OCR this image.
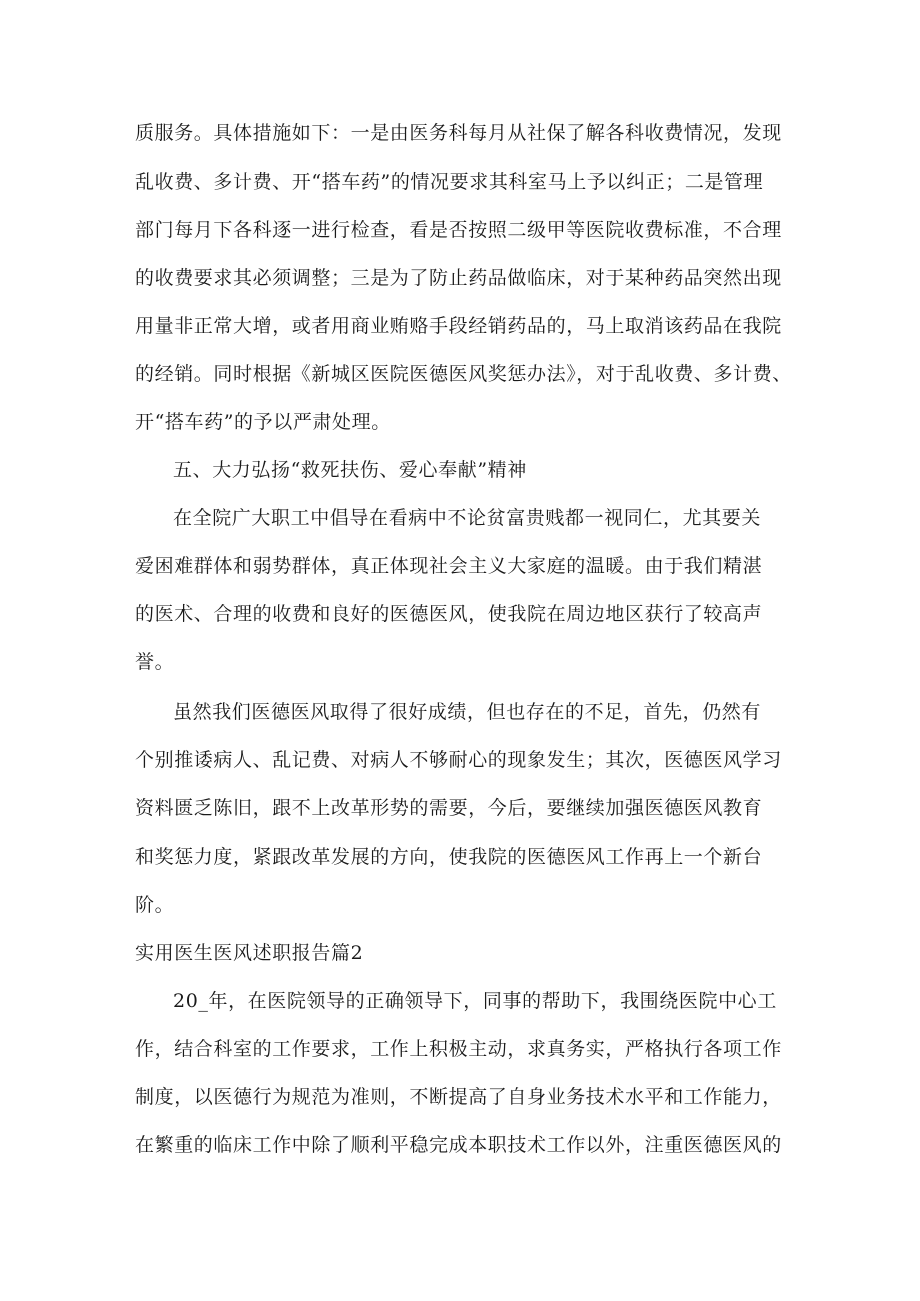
质服务。具体措施如下：一是由医务科每月从社保了解各科收费情况，发现
乱收费、多计费、开“搭车药”的情况要求其科室马上予以纠正；二是管理
部门每月下各科逐一进行检查，看是否按照二级甲等医院收费标准，不合理
的收费要求其必须调整；三是为了防止药品做临床，对于某种药品突然出现
用量非正常大增，或者用商业贿赂手段经销药品的，马上取消该药品在我院
的经销。同时根据《新城区医院医德医风奖惩办法》，对于乱收费、多计费、
开“搭车药”的予以严肃处理。
五、大力弘扬“救死扶伤、爱心奉献”精神
在全院广大职工中倡导在看病中不论贫富贵贱都一视同仁，尤其要关
爱困难群体和弱势群体，真正体现社会主义大家庭的温暖。由于我们精湛
的医术、合理的收费和良好的医德医风，使我院在周边地区获行了较高声
誉。
虽然我们医德医风取得了很好成绩，但也存在的不足，首先，仍然有
个别推诿病人、乱记费、对病人不够耐心的现象发生；其次，医德医风学习
资料匮乏陈旧，跟不上改革形势的需要，今后，要继续加强医德医风教育
和奖惩力度，紧跟改革发展的方向，使我院的医德医风工作再上一个新台
阶。
实用医生医风述职报告篇2
20_年，在医院领导的正确领导下，同事的帮助下，我围绕医院中心工
作，结合科室的工作要求，工作上积极主动，求真务实，严格执行各项工作
制度，以医德行为规范为准则，不断提高了自身业务技术水平和工作能力，
在繁重的临床工作中除了顺利平稳完成本职技术工作以外，注重医德医风的
